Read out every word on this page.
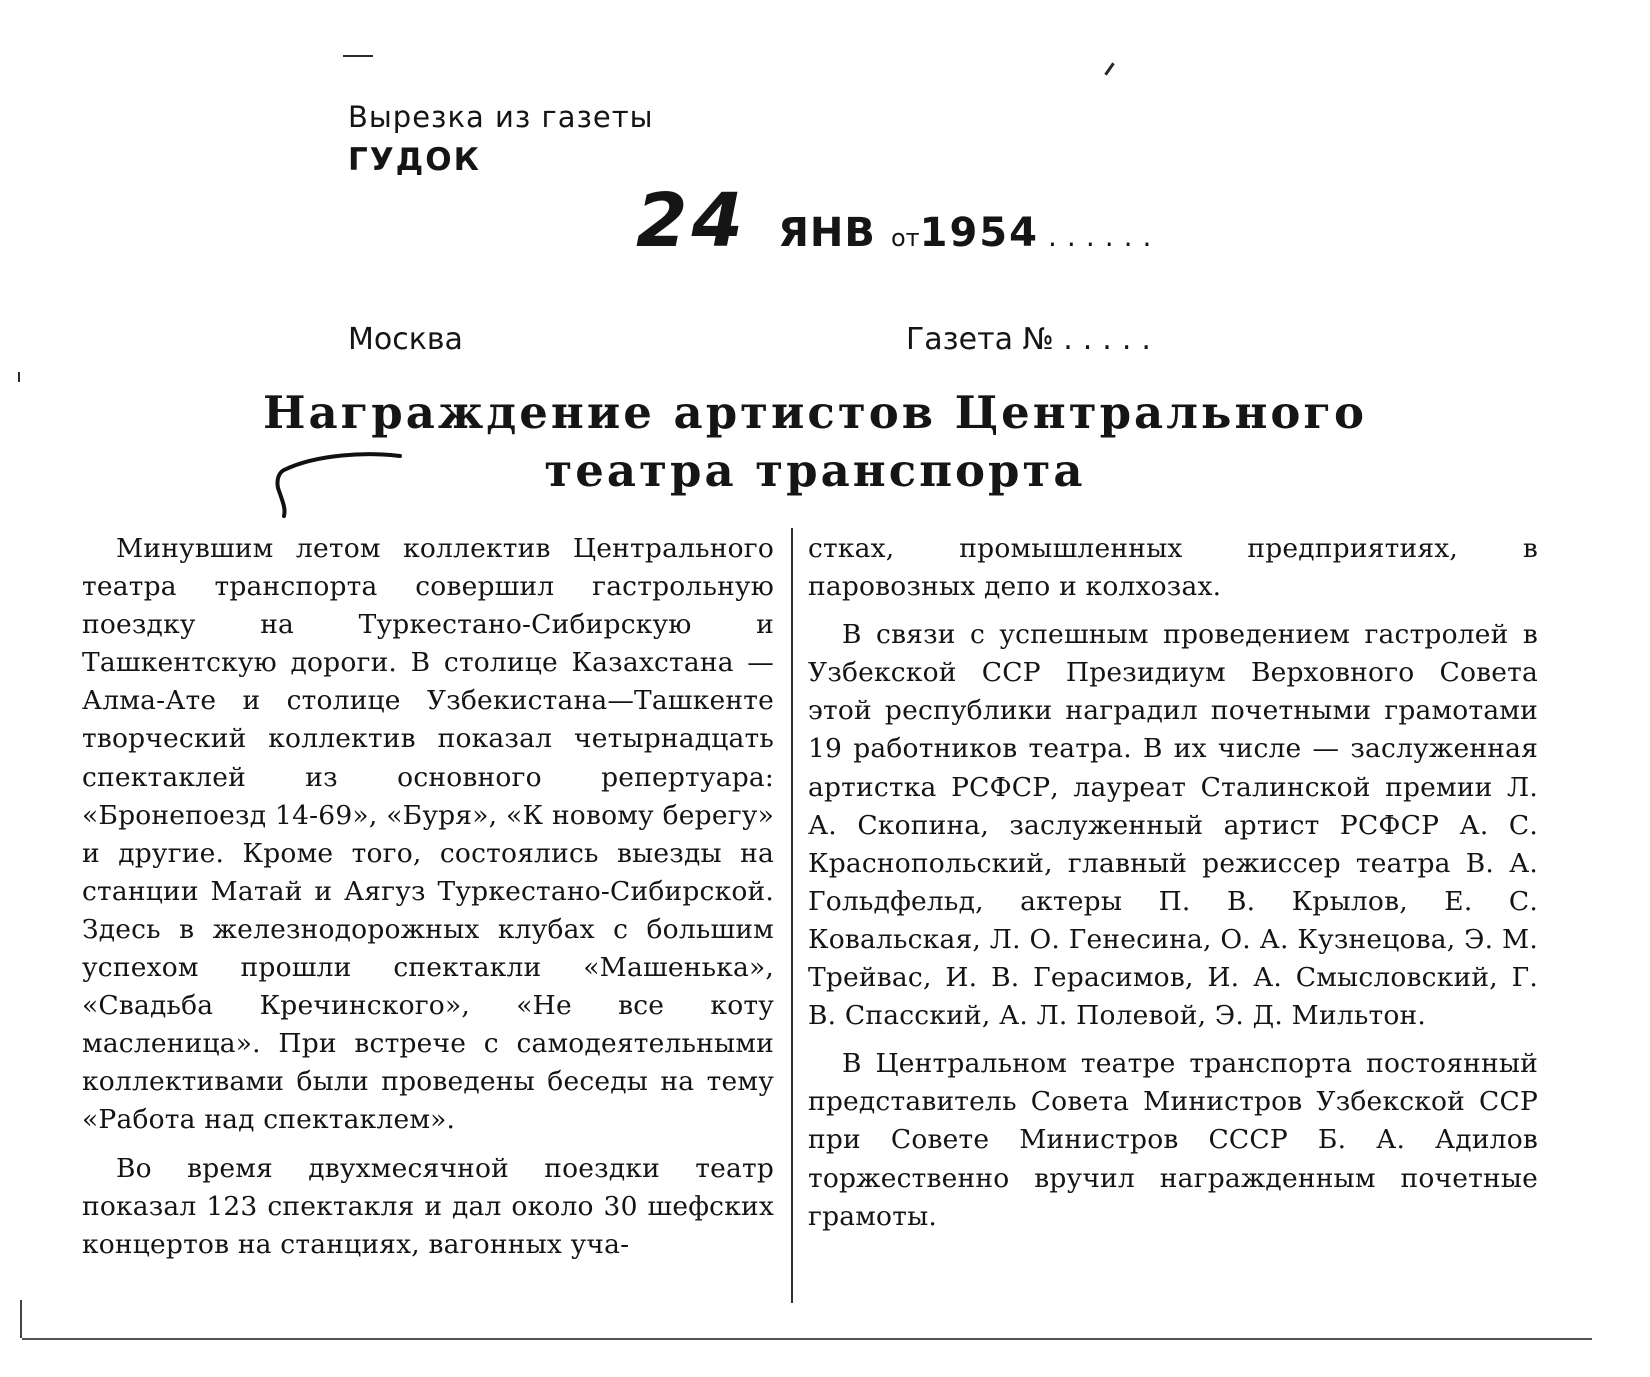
Вырезка из газеты
ГУДОК
24 ЯНВ от1954 ......
Москва	Газета № .....
Награждение артистов Центрального
театра транспорта

Минувшим летом коллектив Центрального театра транспорта совершил гастрольную поездку на Туркестано-Сибирскую и Ташкентскую дороги. В столице Казахстана — Алма-Ате и столице Узбекистана—Ташкенте творческий коллектив показал четырнадцать спектаклей из основного репертуара: «Бронепоезд 14-69», «Буря», «К новому берегу» и другие. Кроме того, состоялись выезды на станции Матай и Аягуз Туркестано-Сибирской. Здесь в железнодорожных клубах с большим успехом прошли спектакли «Машенька», «Свадьба Кречинского», «Не все коту масленица». При встрече с самодеятельными коллективами были проведены беседы на тему «Работа над спектаклем».

Во время двухмесячной поездки театр показал 123 спектакля и дал около 30 шефских концертов на станциях, вагонных уча-

стках, промышленных предприятиях, в паровозных депо и колхозах.

В связи с успешным проведением гастролей в Узбекской ССР Президиум Верховного Совета этой республики наградил почетными грамотами 19 работников театра. В их числе — заслуженная артистка РСФСР, лауреат Сталинской премии Л. А. Скопина, заслуженный артист РСФСР А. С. Краснопольский, главный режиссер театра В. А. Гольдфельд, актеры П. В. Крылов, Е. С. Ковальская, Л. О. Генесина, О. А. Кузнецова, Э. М. Трейвас, И. В. Герасимов, И. А. Смысловский, Г. В. Спасский, А. Л. Полевой, Э. Д. Мильтон.

В Центральном театре транспорта постоянный представитель Совета Министров Узбекской ССР при Совете Министров СССР Б. А. Адилов торжественно вручил награжденным почетные грамоты.
